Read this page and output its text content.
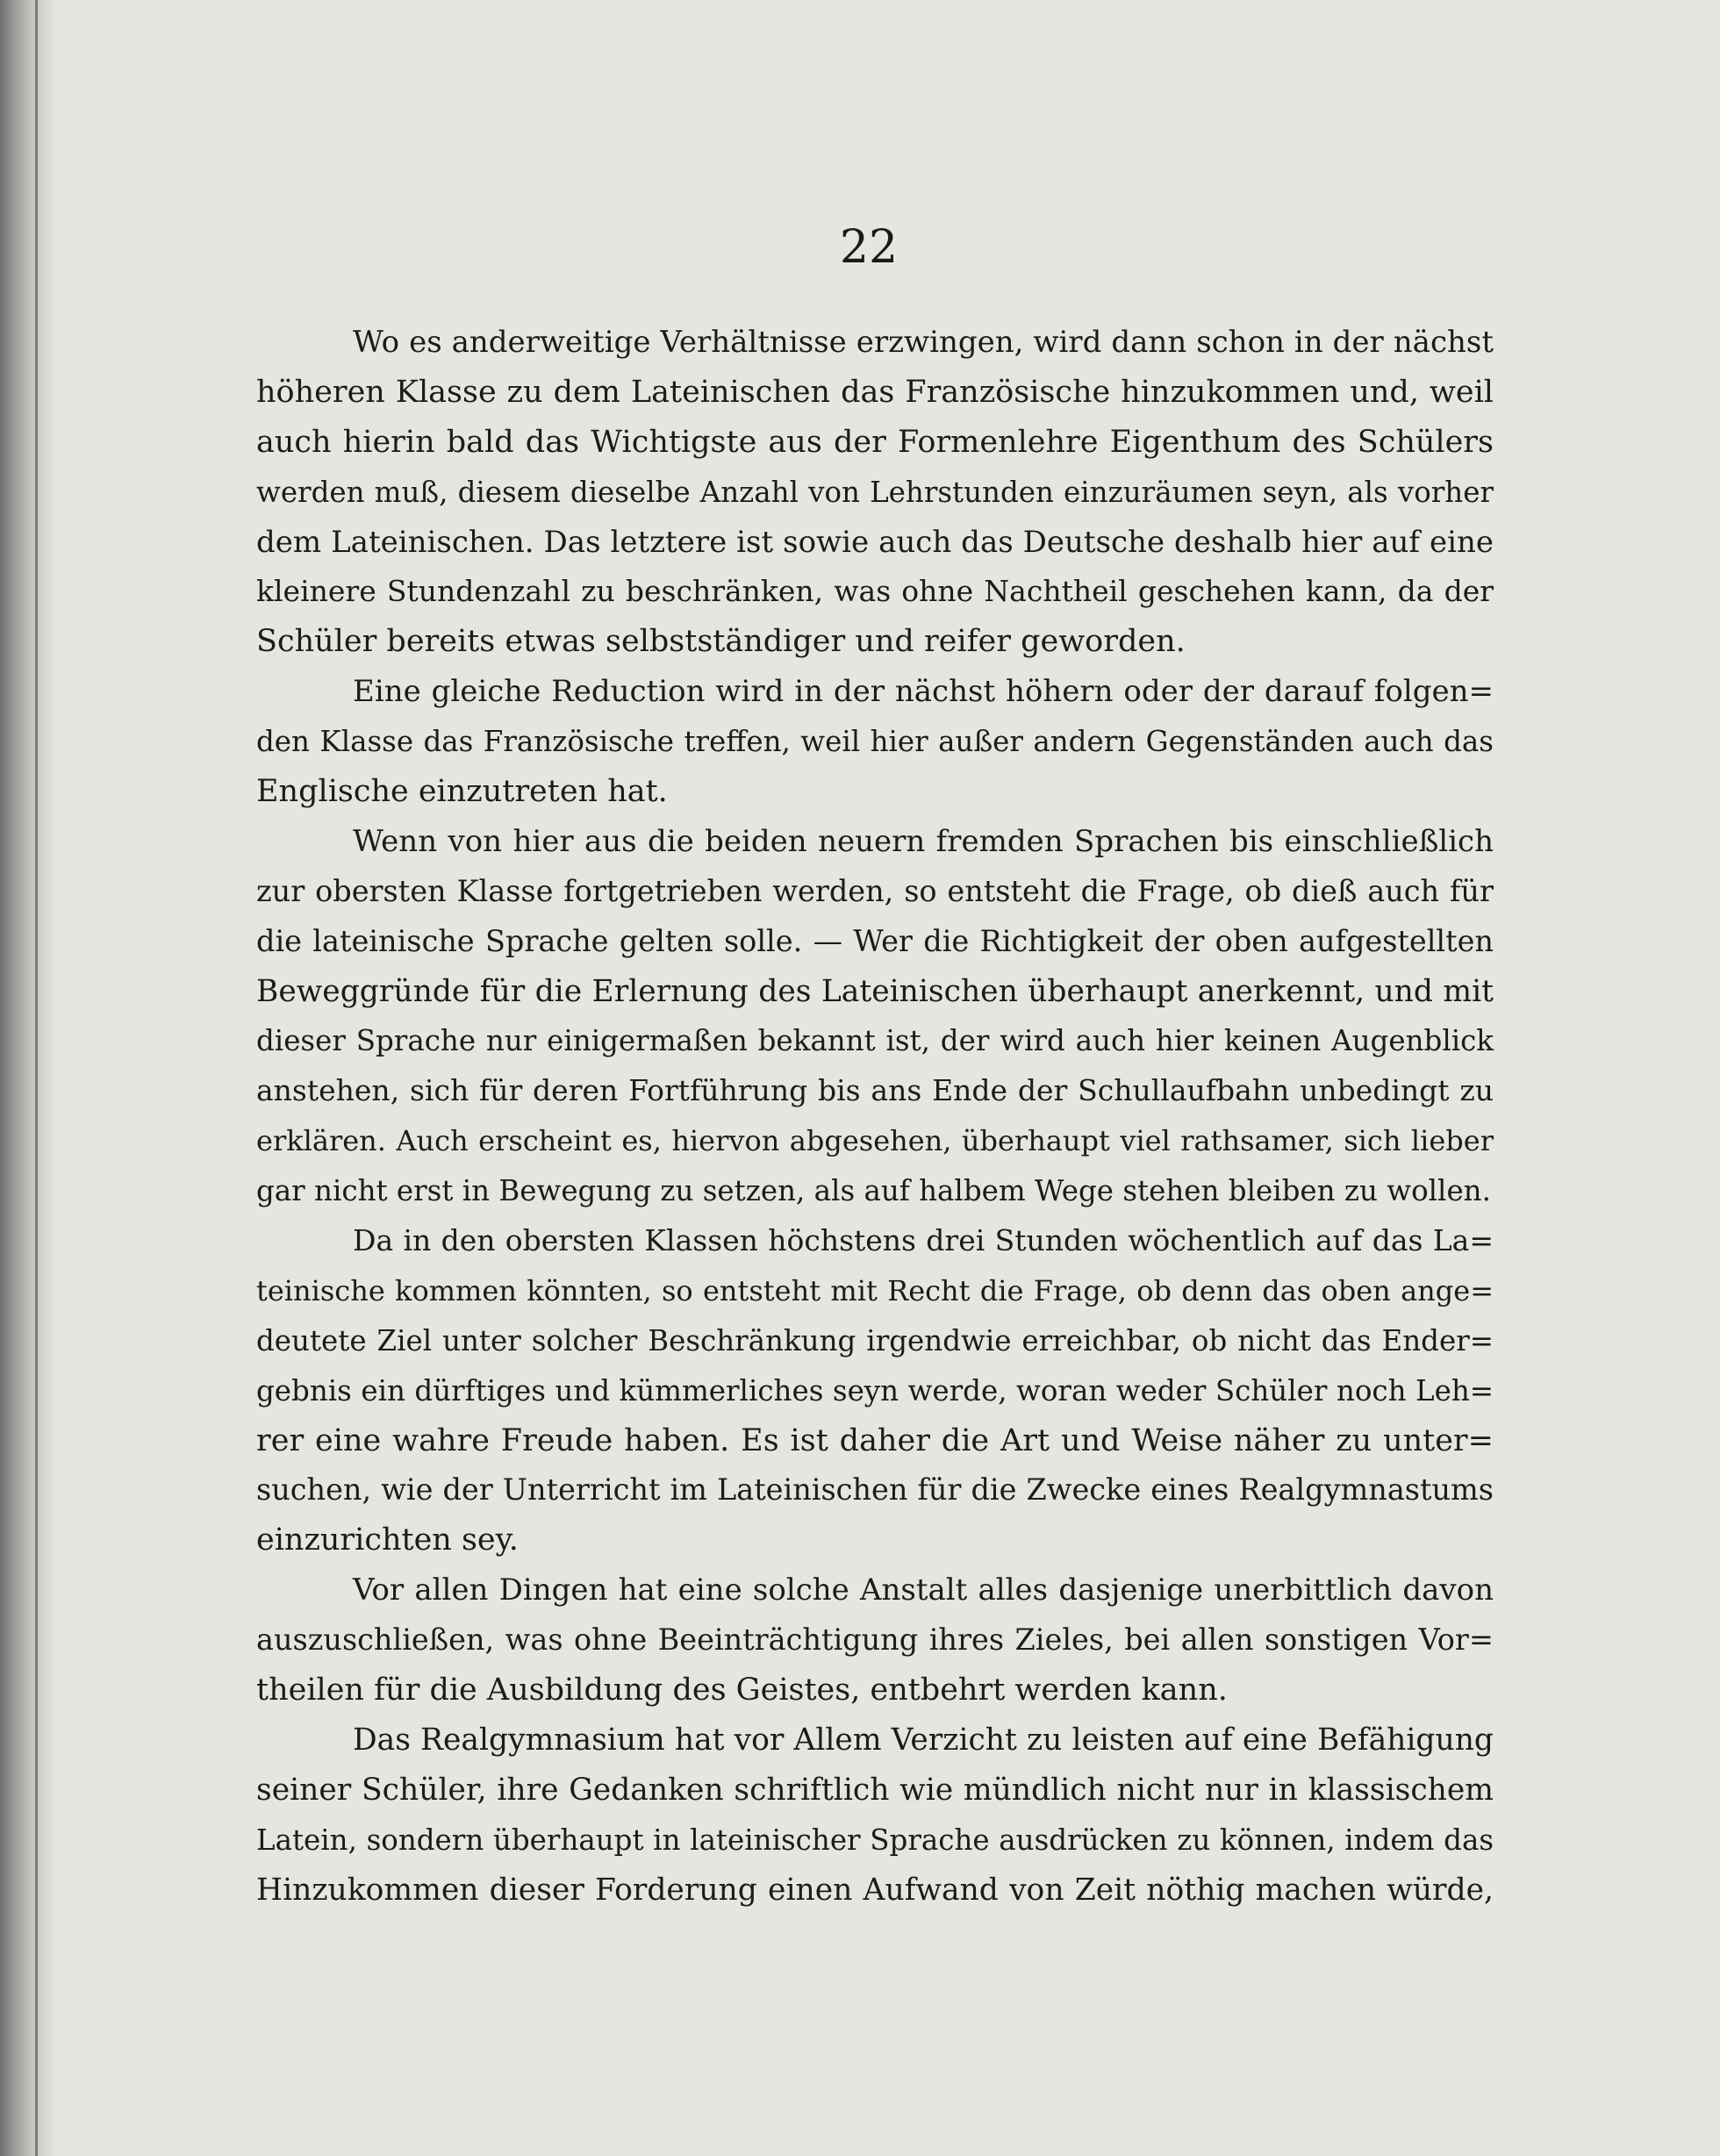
22
Wo es anderweitige Verhältnisse erzwingen, wird dann schon in der nächst
höheren Klasse zu dem Lateinischen das Französische hinzukommen und, weil
auch hierin bald das Wichtigste aus der Formenlehre Eigenthum des Schülers
werden muß, diesem dieselbe Anzahl von Lehrstunden einzuräumen seyn, als vorher
dem Lateinischen. Das letztere ist sowie auch das Deutsche deshalb hier auf eine
kleinere Stundenzahl zu beschränken, was ohne Nachtheil geschehen kann, da der
Schüler bereits etwas selbstständiger und reifer geworden.
Eine gleiche Reduction wird in der nächst höhern oder der darauf folgen=
den Klasse das Französische treffen, weil hier außer andern Gegenständen auch das
Englische einzutreten hat.
Wenn von hier aus die beiden neuern fremden Sprachen bis einschließlich
zur obersten Klasse fortgetrieben werden, so entsteht die Frage, ob dieß auch für
die lateinische Sprache gelten solle. — Wer die Richtigkeit der oben aufgestellten
Beweggründe für die Erlernung des Lateinischen überhaupt anerkennt, und mit
dieser Sprache nur einigermaßen bekannt ist, der wird auch hier keinen Augenblick
anstehen, sich für deren Fortführung bis ans Ende der Schullaufbahn unbedingt zu
erklären. Auch erscheint es, hiervon abgesehen, überhaupt viel rathsamer, sich lieber
gar nicht erst in Bewegung zu setzen, als auf halbem Wege stehen bleiben zu wollen.
Da in den obersten Klassen höchstens drei Stunden wöchentlich auf das La=
teinische kommen könnten, so entsteht mit Recht die Frage, ob denn das oben ange=
deutete Ziel unter solcher Beschränkung irgendwie erreichbar, ob nicht das Ender=
gebnis ein dürftiges und kümmerliches seyn werde, woran weder Schüler noch Leh=
rer eine wahre Freude haben. Es ist daher die Art und Weise näher zu unter=
suchen, wie der Unterricht im Lateinischen für die Zwecke eines Realgymnastums
einzurichten sey.
Vor allen Dingen hat eine solche Anstalt alles dasjenige unerbittlich davon
auszuschließen, was ohne Beeinträchtigung ihres Zieles, bei allen sonstigen Vor=
theilen für die Ausbildung des Geistes, entbehrt werden kann.
Das Realgymnasium hat vor Allem Verzicht zu leisten auf eine Befähigung
seiner Schüler, ihre Gedanken schriftlich wie mündlich nicht nur in klassischem
Latein, sondern überhaupt in lateinischer Sprache ausdrücken zu können, indem das
Hinzukommen dieser Forderung einen Aufwand von Zeit nöthig machen würde,
